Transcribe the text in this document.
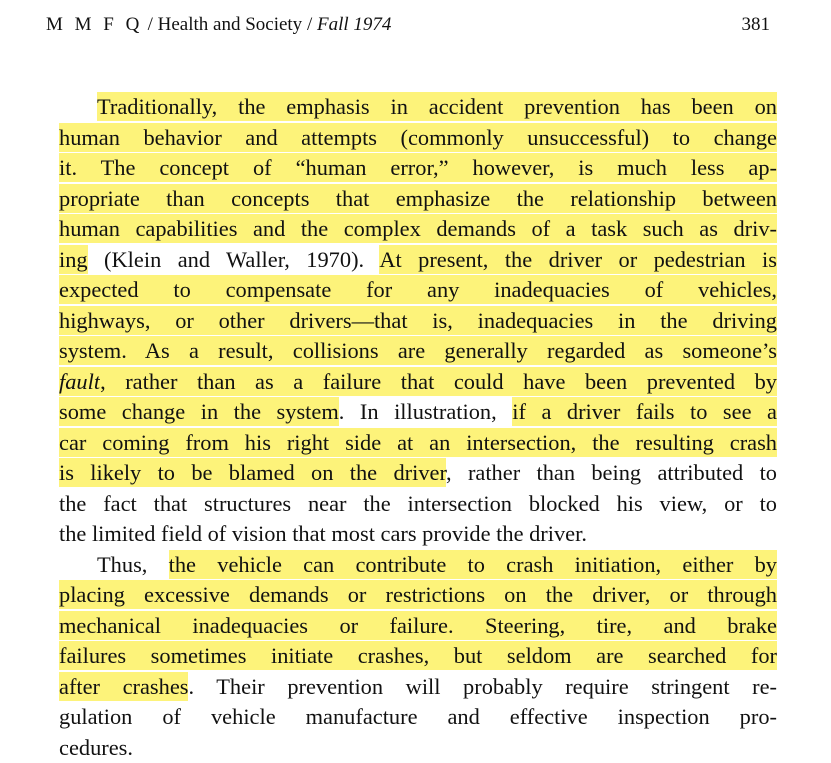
M M F Q / Health and Society / Fall 1974	381
Traditionally, the emphasis in accident prevention has been on
human behavior and attempts (commonly unsuccessful) to change
it. The concept of “human error,” however, is much less ap-
propriate than concepts that emphasize the relationship between
human capabilities and the complex demands of a task such as driv-
ing (Klein and Waller, 1970). At present, the driver or pedestrian is
expected to compensate for any inadequacies of vehicles,
highways, or other drivers—that is, inadequacies in the driving
system. As a result, collisions are generally regarded as someone’s
fault, rather than as a failure that could have been prevented by
some change in the system. In illustration, if a driver fails to see a
car coming from his right side at an intersection, the resulting crash
is likely to be blamed on the driver, rather than being attributed to
the fact that structures near the intersection blocked his view, or to
the limited field of vision that most cars provide the driver.
Thus, the vehicle can contribute to crash initiation, either by
placing excessive demands or restrictions on the driver, or through
mechanical inadequacies or failure. Steering, tire, and brake
failures sometimes initiate crashes, but seldom are searched for
after crashes. Their prevention will probably require stringent re-
gulation of vehicle manufacture and effective inspection pro-
cedures.
